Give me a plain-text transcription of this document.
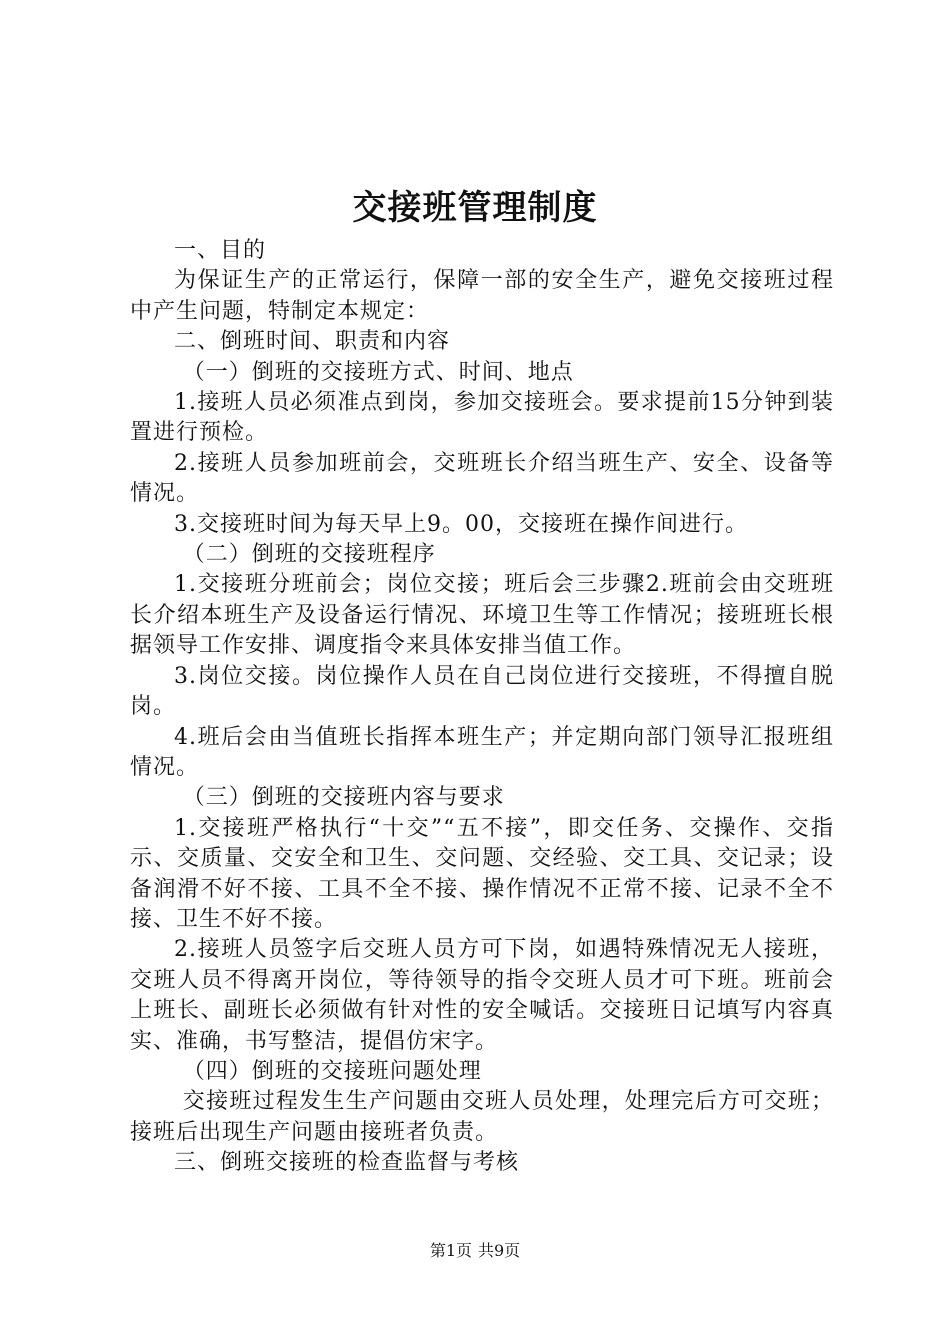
交接班管理制度

一、目的

为保证生产的正常运行，保障一部的安全生产，避免交接班过程中产生问题，特制定本规定：

二、倒班时间、职责和内容

（一）倒班的交接班方式、时间、地点

1.接班人员必须准点到岗，参加交接班会。要求提前15分钟到装置进行预检。

2.接班人员参加班前会，交班班长介绍当班生产、安全、设备等情况。

3.交接班时间为每天早上9。00，交接班在操作间进行。

（二）倒班的交接班程序

1.交接班分班前会；岗位交接；班后会三步骤2.班前会由交班班长介绍本班生产及设备运行情况、环境卫生等工作情况；接班班长根据领导工作安排、调度指令来具体安排当值工作。

3.岗位交接。岗位操作人员在自己岗位进行交接班，不得擅自脱岗。

4.班后会由当值班长指挥本班生产；并定期向部门领导汇报班组情况。

（三）倒班的交接班内容与要求

1.交接班严格执行“十交”“五不接”，即交任务、交操作、交指示、交质量、交安全和卫生、交问题、交经验、交工具、交记录；设备润滑不好不接、工具不全不接、操作情况不正常不接、记录不全不接、卫生不好不接。

2.接班人员签字后交班人员方可下岗，如遇特殊情况无人接班，交班人员不得离开岗位，等待领导的指令交班人员才可下班。班前会上班长、副班长必须做有针对性的安全喊话。交接班日记填写内容真实、准确，书写整洁，提倡仿宋字。

（四）倒班的交接班问题处理

交接班过程发生生产问题由交班人员处理，处理完后方可交班；接班后出现生产问题由接班者负责。

三、倒班交接班的检查监督与考核

第1页 共9页
